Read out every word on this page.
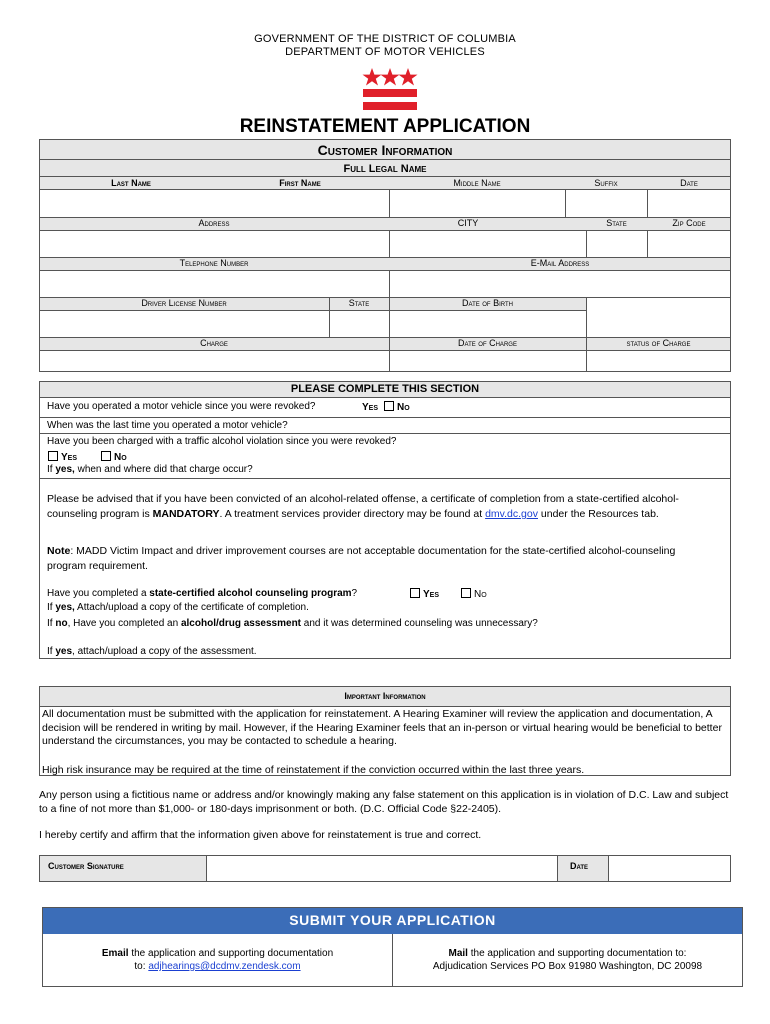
GOVERNMENT OF THE DISTRICT OF COLUMBIA
DEPARTMENT OF MOTOR VEHICLES
REINSTATEMENT APPLICATION
Customer Information
Full Legal Name
Last Name	First Name	Middle Name	Suffix	Date
Address	CITY	State	Zip Code
Telephone Number	E-Mail Address
Driver License Number	State	Date of Birth
Charge	Date of Charge	status of Charge
PLEASE COMPLETE THIS SECTION
Have you operated a motor vehicle since you were revoked?	Yes No
When was the last time you operated a motor vehicle?
Have you been charged with a traffic alcohol violation since you were revoked?
Yes	No
If yes, when and where did that charge occur?
Please be advised that if you have been convicted of an alcohol-related offense, a certificate of completion from a state-certified alcohol-counseling program is MANDATORY. A treatment services provider directory may be found at dmv.dc.gov under the Resources tab.
Note: MADD Victim Impact and driver improvement courses are not acceptable documentation for the state-certified alcohol-counseling program requirement.
Have you completed a state-certified alcohol counseling program?	Yes	No
If yes, Attach/upload a copy of the certificate of completion.
If no, Have you completed an alcohol/drug assessment and it was determined counseling was unnecessary?
If yes, attach/upload a copy of the assessment.
Important Information
All documentation must be submitted with the application for reinstatement. A Hearing Examiner will review the application and documentation, A decision will be rendered in writing by mail. However, if the Hearing Examiner feels that an in-person or virtual hearing would be beneficial to better understand the circumstances, you may be contacted to schedule a hearing.
High risk insurance may be required at the time of reinstatement if the conviction occurred within the last three years.
Any person using a fictitious name or address and/or knowingly making any false statement on this application is in violation of D.C. Law and subject to a fine of not more than $1,000- or 180-days imprisonment or both. (D.C. Official Code §22-2405).
I hereby certify and affirm that the information given above for reinstatement is true and correct.
Customer Signature	Date
SUBMIT YOUR APPLICATION
Email the application and supporting documentation
to: adjhearings@dcdmv.zendesk.com
Mail the application and supporting documentation to:
Adjudication Services PO Box 91980 Washington, DC 20098
